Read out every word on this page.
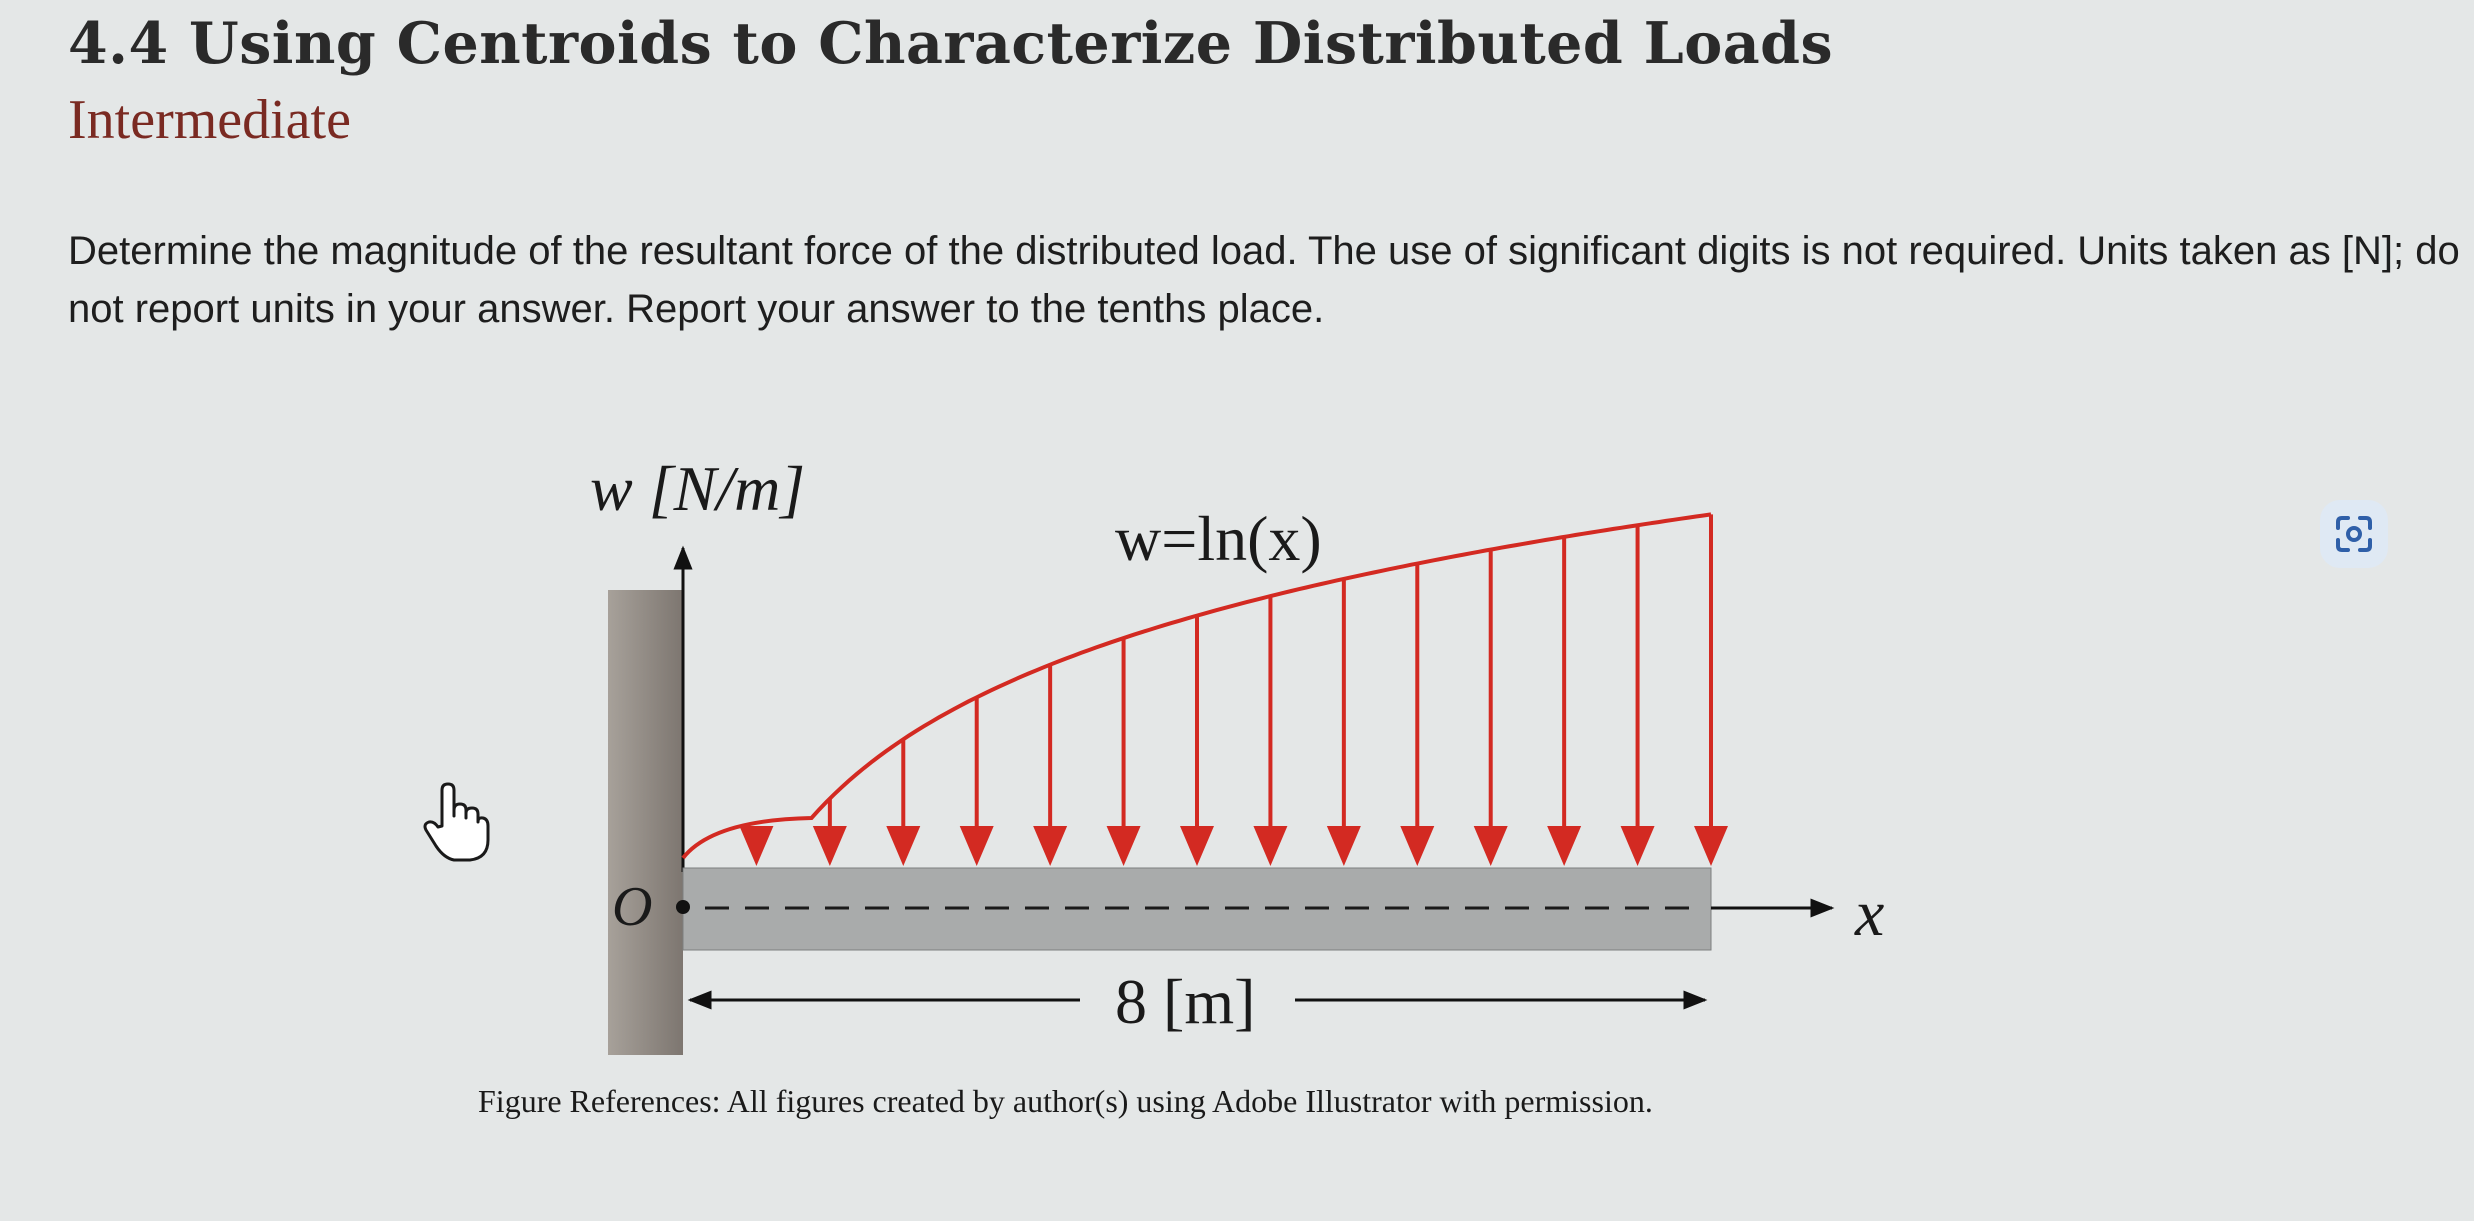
4.4 Using Centroids to Characterize Distributed Loads
Intermediate
Determine the magnitude of the resultant force of the distributed load. The use of significant digits is not required. Units taken as [N]; do not report units in your answer. Report your answer to the tenths place.
w [N/m]
w=ln(x)
x
O
8 [m]
Figure References: All figures created by author(s) using Adobe Illustrator with permission.
